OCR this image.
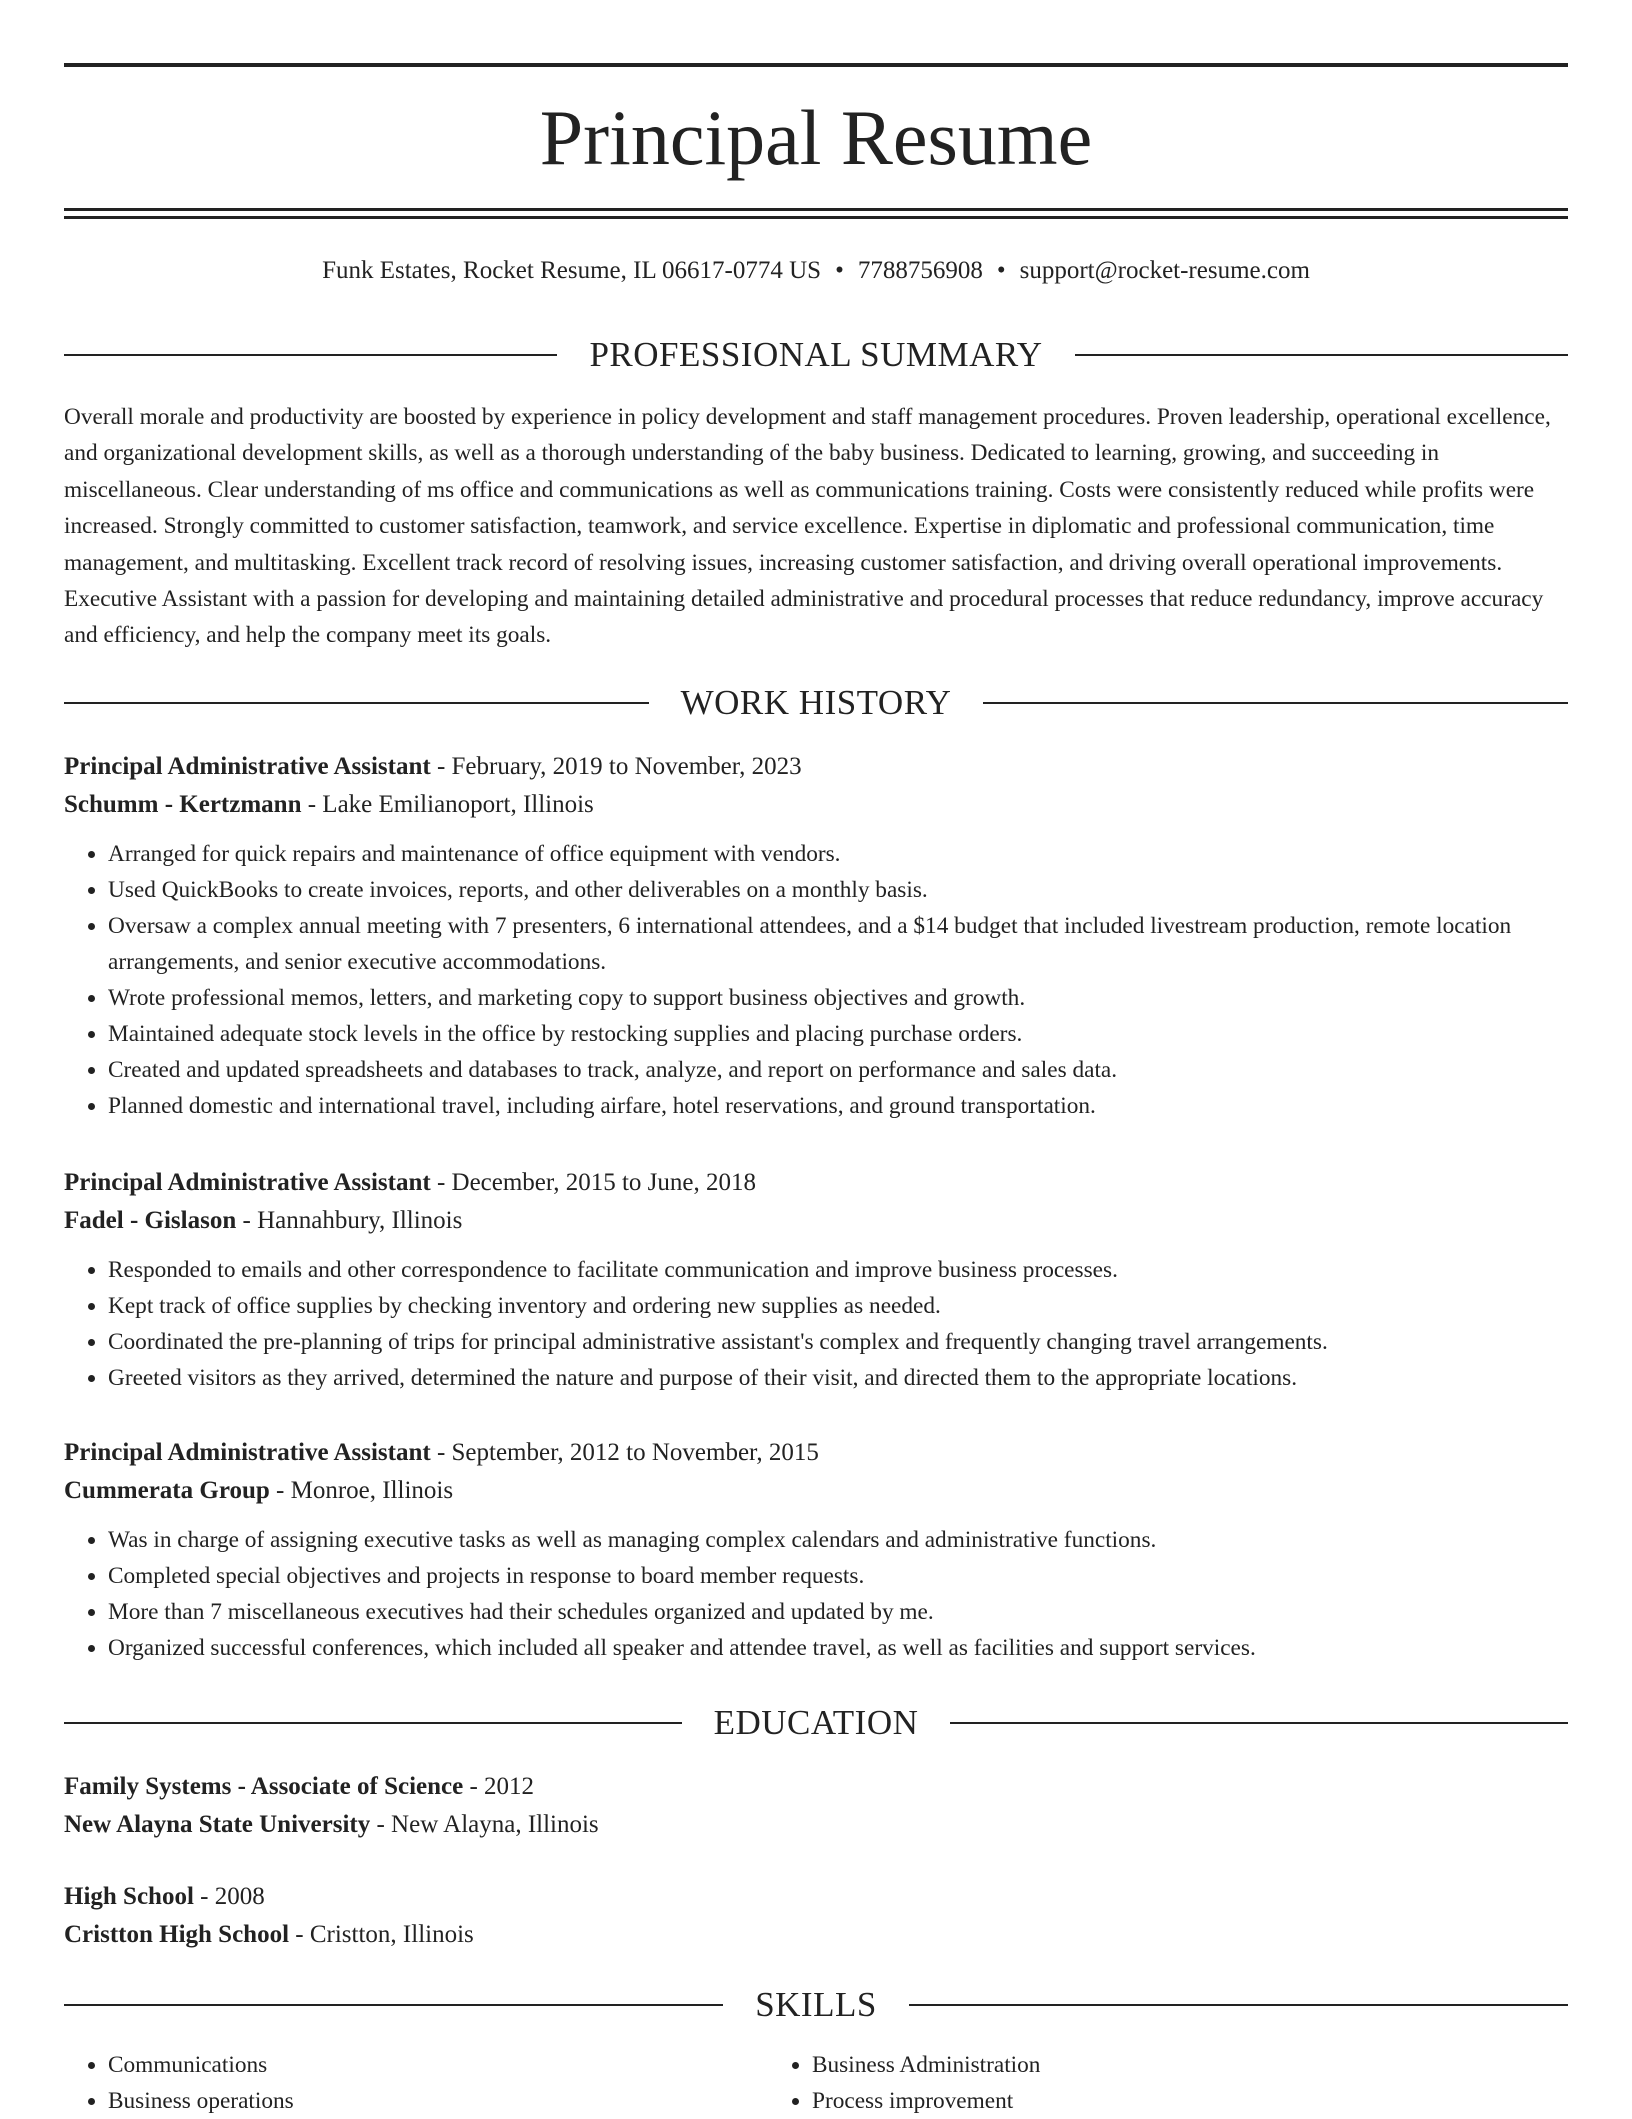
Principal Resume
Funk Estates, Rocket Resume, IL 06617-0774 US • 7788756908 • support@rocket-resume.com
PROFESSIONAL SUMMARY

Overall morale and productivity are boosted by experience in policy development and staff management procedures. Proven leadership, operational excellence, and organizational development skills, as well as a thorough understanding of the baby business. Dedicated to learning, growing, and succeeding in miscellaneous. Clear understanding of ms office and communications as well as communications training. Costs were consistently reduced while profits were increased. Strongly committed to customer satisfaction, teamwork, and service excellence. Expertise in diplomatic and professional communication, time management, and multitasking. Excellent track record of resolving issues, increasing customer satisfaction, and driving overall operational improvements. Executive Assistant with a passion for developing and maintaining detailed administrative and procedural processes that reduce redundancy, improve accuracy and efficiency, and help the company meet its goals.

WORK HISTORY

Principal Administrative Assistant - February, 2019 to November, 2023

Schumm - Kertzmann - Lake Emilianoport, Illinois

• Arranged for quick repairs and maintenance of office equipment with vendors.
• Used QuickBooks to create invoices, reports, and other deliverables on a monthly basis.
• Oversaw a complex annual meeting with 7 presenters, 6 international attendees, and a $14 budget that included livestream production, remote location arrangements, and senior executive accommodations.
• Wrote professional memos, letters, and marketing copy to support business objectives and growth.
• Maintained adequate stock levels in the office by restocking supplies and placing purchase orders.
• Created and updated spreadsheets and databases to track, analyze, and report on performance and sales data.
• Planned domestic and international travel, including airfare, hotel reservations, and ground transportation.

Principal Administrative Assistant - December, 2015 to June, 2018

Fadel - Gislason - Hannahbury, Illinois

• Responded to emails and other correspondence to facilitate communication and improve business processes.
• Kept track of office supplies by checking inventory and ordering new supplies as needed.
• Coordinated the pre-planning of trips for principal administrative assistant's complex and frequently changing travel arrangements.
• Greeted visitors as they arrived, determined the nature and purpose of their visit, and directed them to the appropriate locations.

Principal Administrative Assistant - September, 2012 to November, 2015

Cummerata Group - Monroe, Illinois

• Was in charge of assigning executive tasks as well as managing complex calendars and administrative functions.
• Completed special objectives and projects in response to board member requests.
• More than 7 miscellaneous executives had their schedules organized and updated by me.
• Organized successful conferences, which included all speaker and attendee travel, as well as facilities and support services.
EDUCATION

Family Systems - Associate of Science - 2012

New Alayna State University - New Alayna, Illinois

High School - 2008

Cristton High School - Cristton, Illinois

SKILLS
• Communications
• Business operations
• Business Administration
• Process improvement
